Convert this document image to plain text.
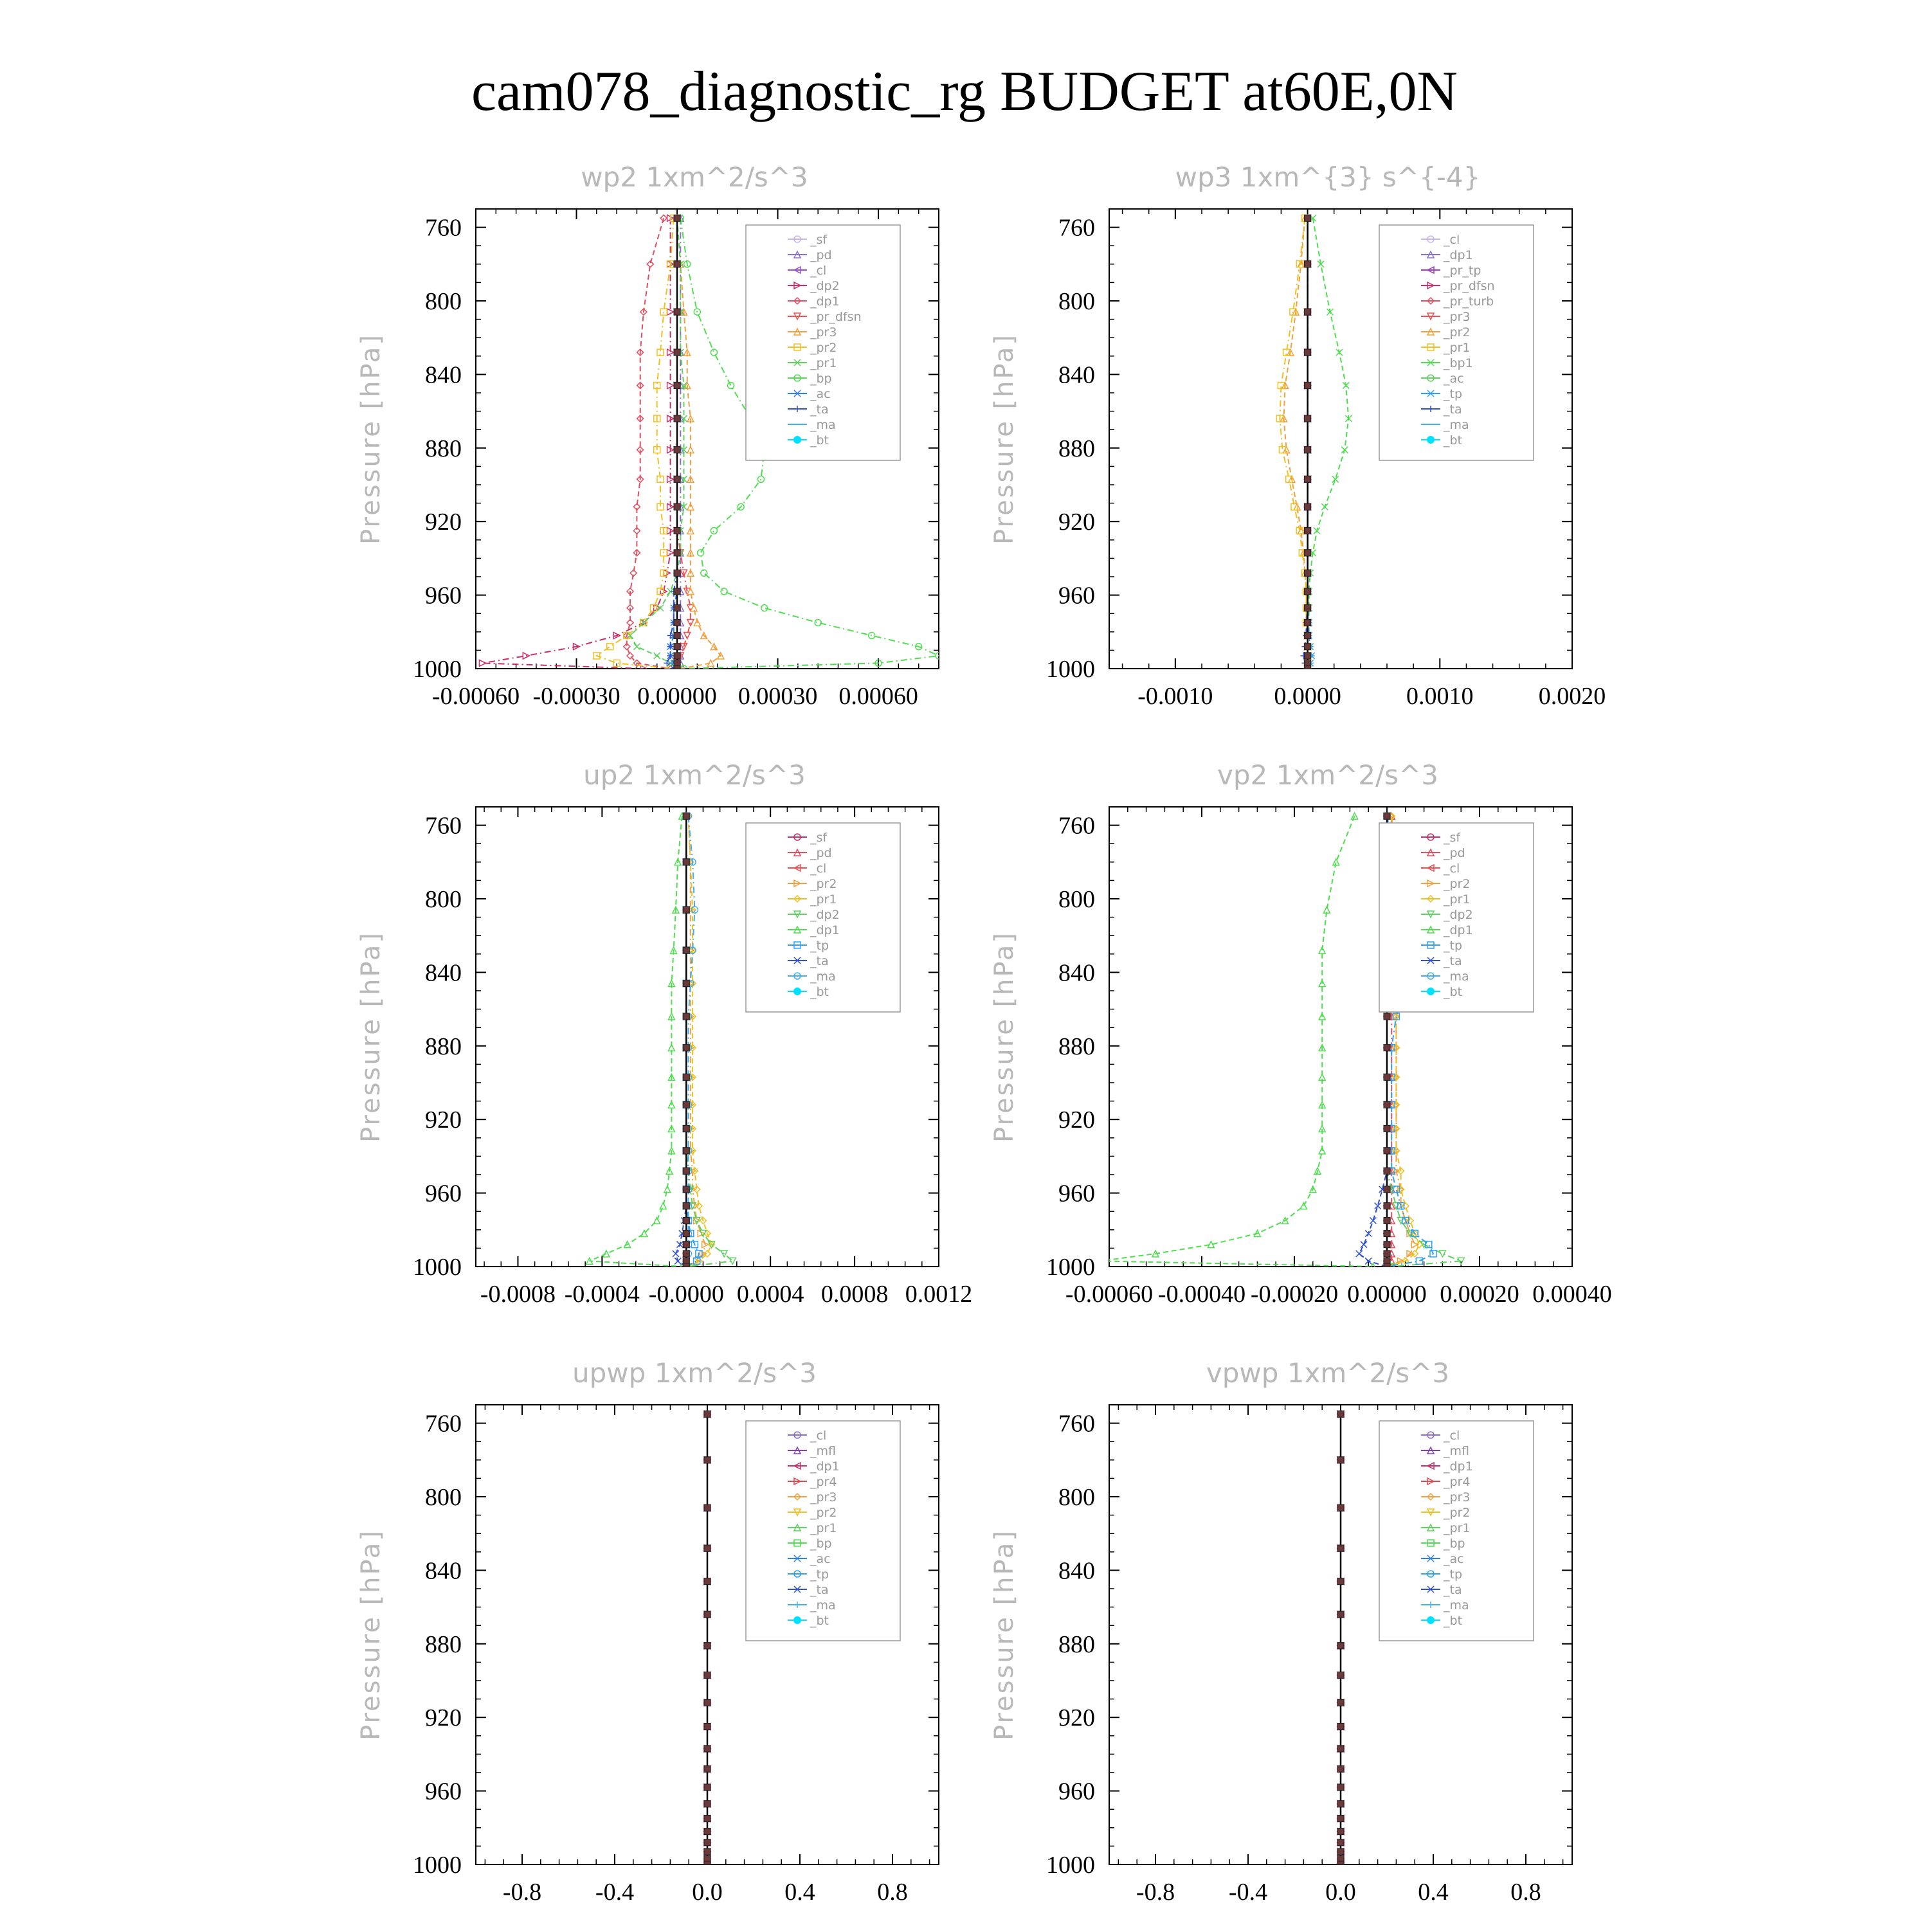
cam078_diagnostic_rg BUDGET at60E,0N
wp2 1xm^2/s^3
Pressure [hPa]
760
800
840
880
920
960
1000
-0.00060 -0.00030 0.00000 0.00030 0.00060
_sf
_pd
_cl
_dp2
_dp1
_pr_dfsn
_pr3
_pr2
_pr1
_bp
_ac
_ta
_ma
_bt
wp3 1xm^{3} s^{-4}
Pressure [hPa]
760
800
840
880
920
960
1000
-0.0010 0.0000	0.0010	0.0020
_cl
_dp1
_pr_tp
_pr_dfsn
_pr_turb
_pr3
_pr2
_pr1
_bp1
_ac
_tp
_ta
_ma
_bt
up2 1xm^2/s^3
Pressure [hPa]
760
800
840
880
920
960
1000
-0.0008 -0.0004 -0.0000 0.0004 0.0008 0.0012
_sf
_pd
_cl
_pr2
_pr1
_dp2
_dp1
_tp
_ta
_ma
_bt
vp2 1xm^2/s^3
Pressure [hPa]
760
800
840
880
920
960
1000
-0.00060 -0.00040 -0.00020 0.00000 0.00020 0.00040
_sf
_pd
_cl
_pr2
_pr1
_dp2
_dp1
_tp
_ta
_ma
_bt
upwp 1xm^2/s^3
Pressure [hPa]
760
800
840
880
920
960
1000
-0.8 -0.4 0.0	0.4	0.8
_cl
_mfl
_dp1
_pr4
_pr3
_pr2
_pr1
_bp
_ac
_tp
_ta
_ma
_bt
vpwp 1xm^2/s^3
Pressure [hPa]
760
800
840
880
920
960
1000
-0.8 -0.4 0.0	0.4	0.8
_cl
_mfl
_dp1
_pr4
_pr3
_pr2
_pr1
_bp
_ac
_tp
_ta
_ma
_bt
